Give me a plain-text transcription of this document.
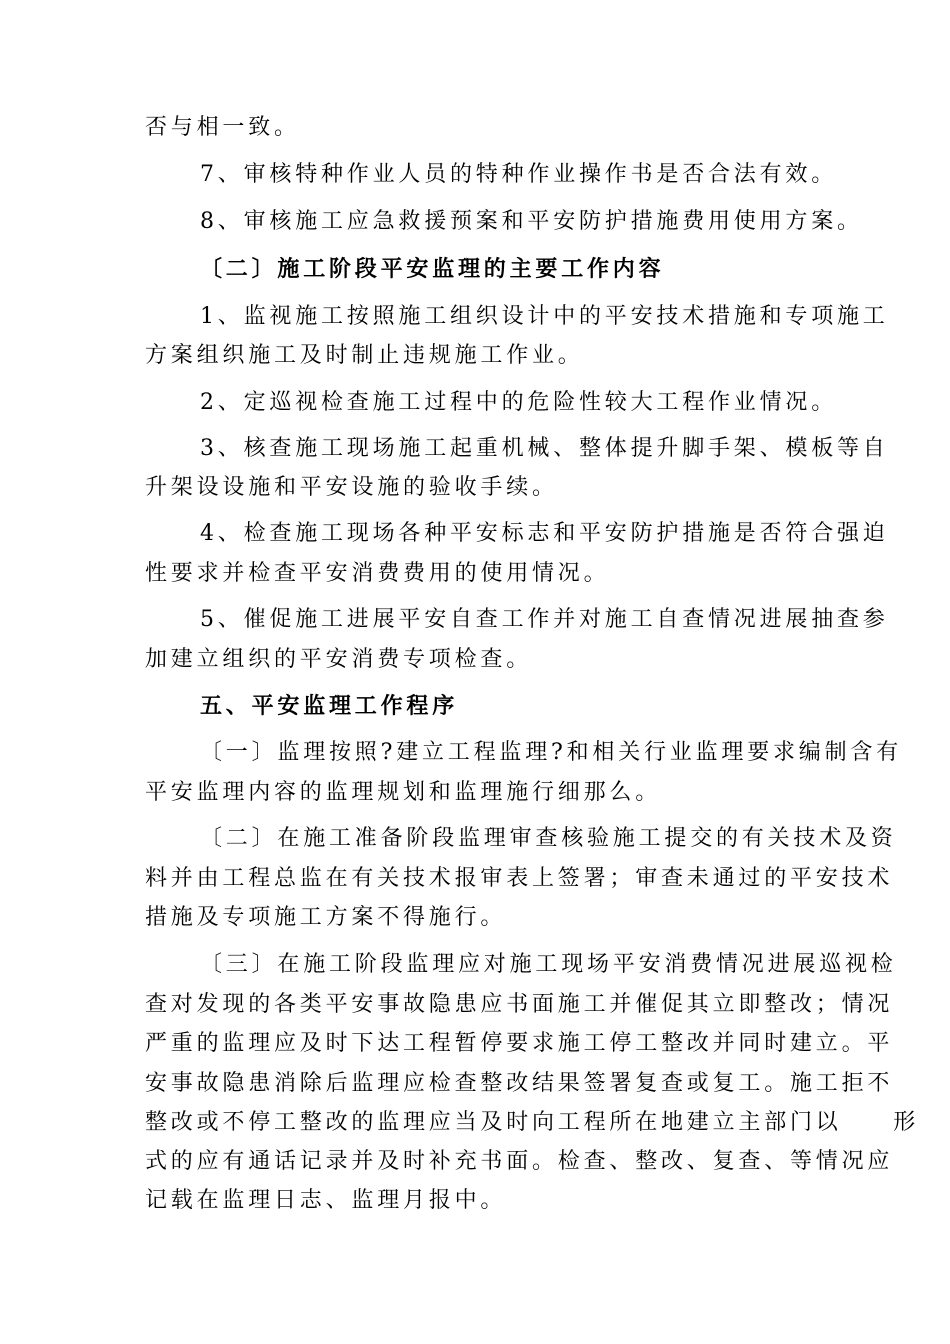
否与相一致。
7、审核特种作业人员的特种作业操作书是否合法有效。
8、审核施工应急救援预案和平安防护措施费用使用方案。
〔二〕施工阶段平安监理的主要工作内容
1、监视施工按照施工组织设计中的平安技术措施和专项施工
方案组织施工及时制止违规施工作业。
2、定巡视检查施工过程中的危险性较大工程作业情况。
3、核查施工现场施工起重机械、整体提升脚手架、模板等自
升架设设施和平安设施的验收手续。
4、检查施工现场各种平安标志和平安防护措施是否符合强迫
性要求并检查平安消费费用的使用情况。
5、催促施工进展平安自查工作并对施工自查情况进展抽查参
加建立组织的平安消费专项检查。
五、平安监理工作程序
〔一〕监理按照?建立工程监理?和相关行业监理要求编制含有
平安监理内容的监理规划和监理施行细那么。
〔二〕在施工准备阶段监理审查核验施工提交的有关技术及资
料并由工程总监在有关技术报审表上签署；审查未通过的平安技术
措施及专项施工方案不得施行。
〔三〕在施工阶段监理应对施工现场平安消费情况进展巡视检
查对发现的各类平安事故隐患应书面施工并催促其立即整改；情况
严重的监理应及时下达工程暂停要求施工停工整改并同时建立。平
安事故隐患消除后监理应检查整改结果签署复查或复工。施工拒不
整改或不停工整改的监理应当及时向工程所在地建立主部门以　　形
式的应有通话记录并及时补充书面。检查、整改、复查、等情况应
记载在监理日志、监理月报中。
